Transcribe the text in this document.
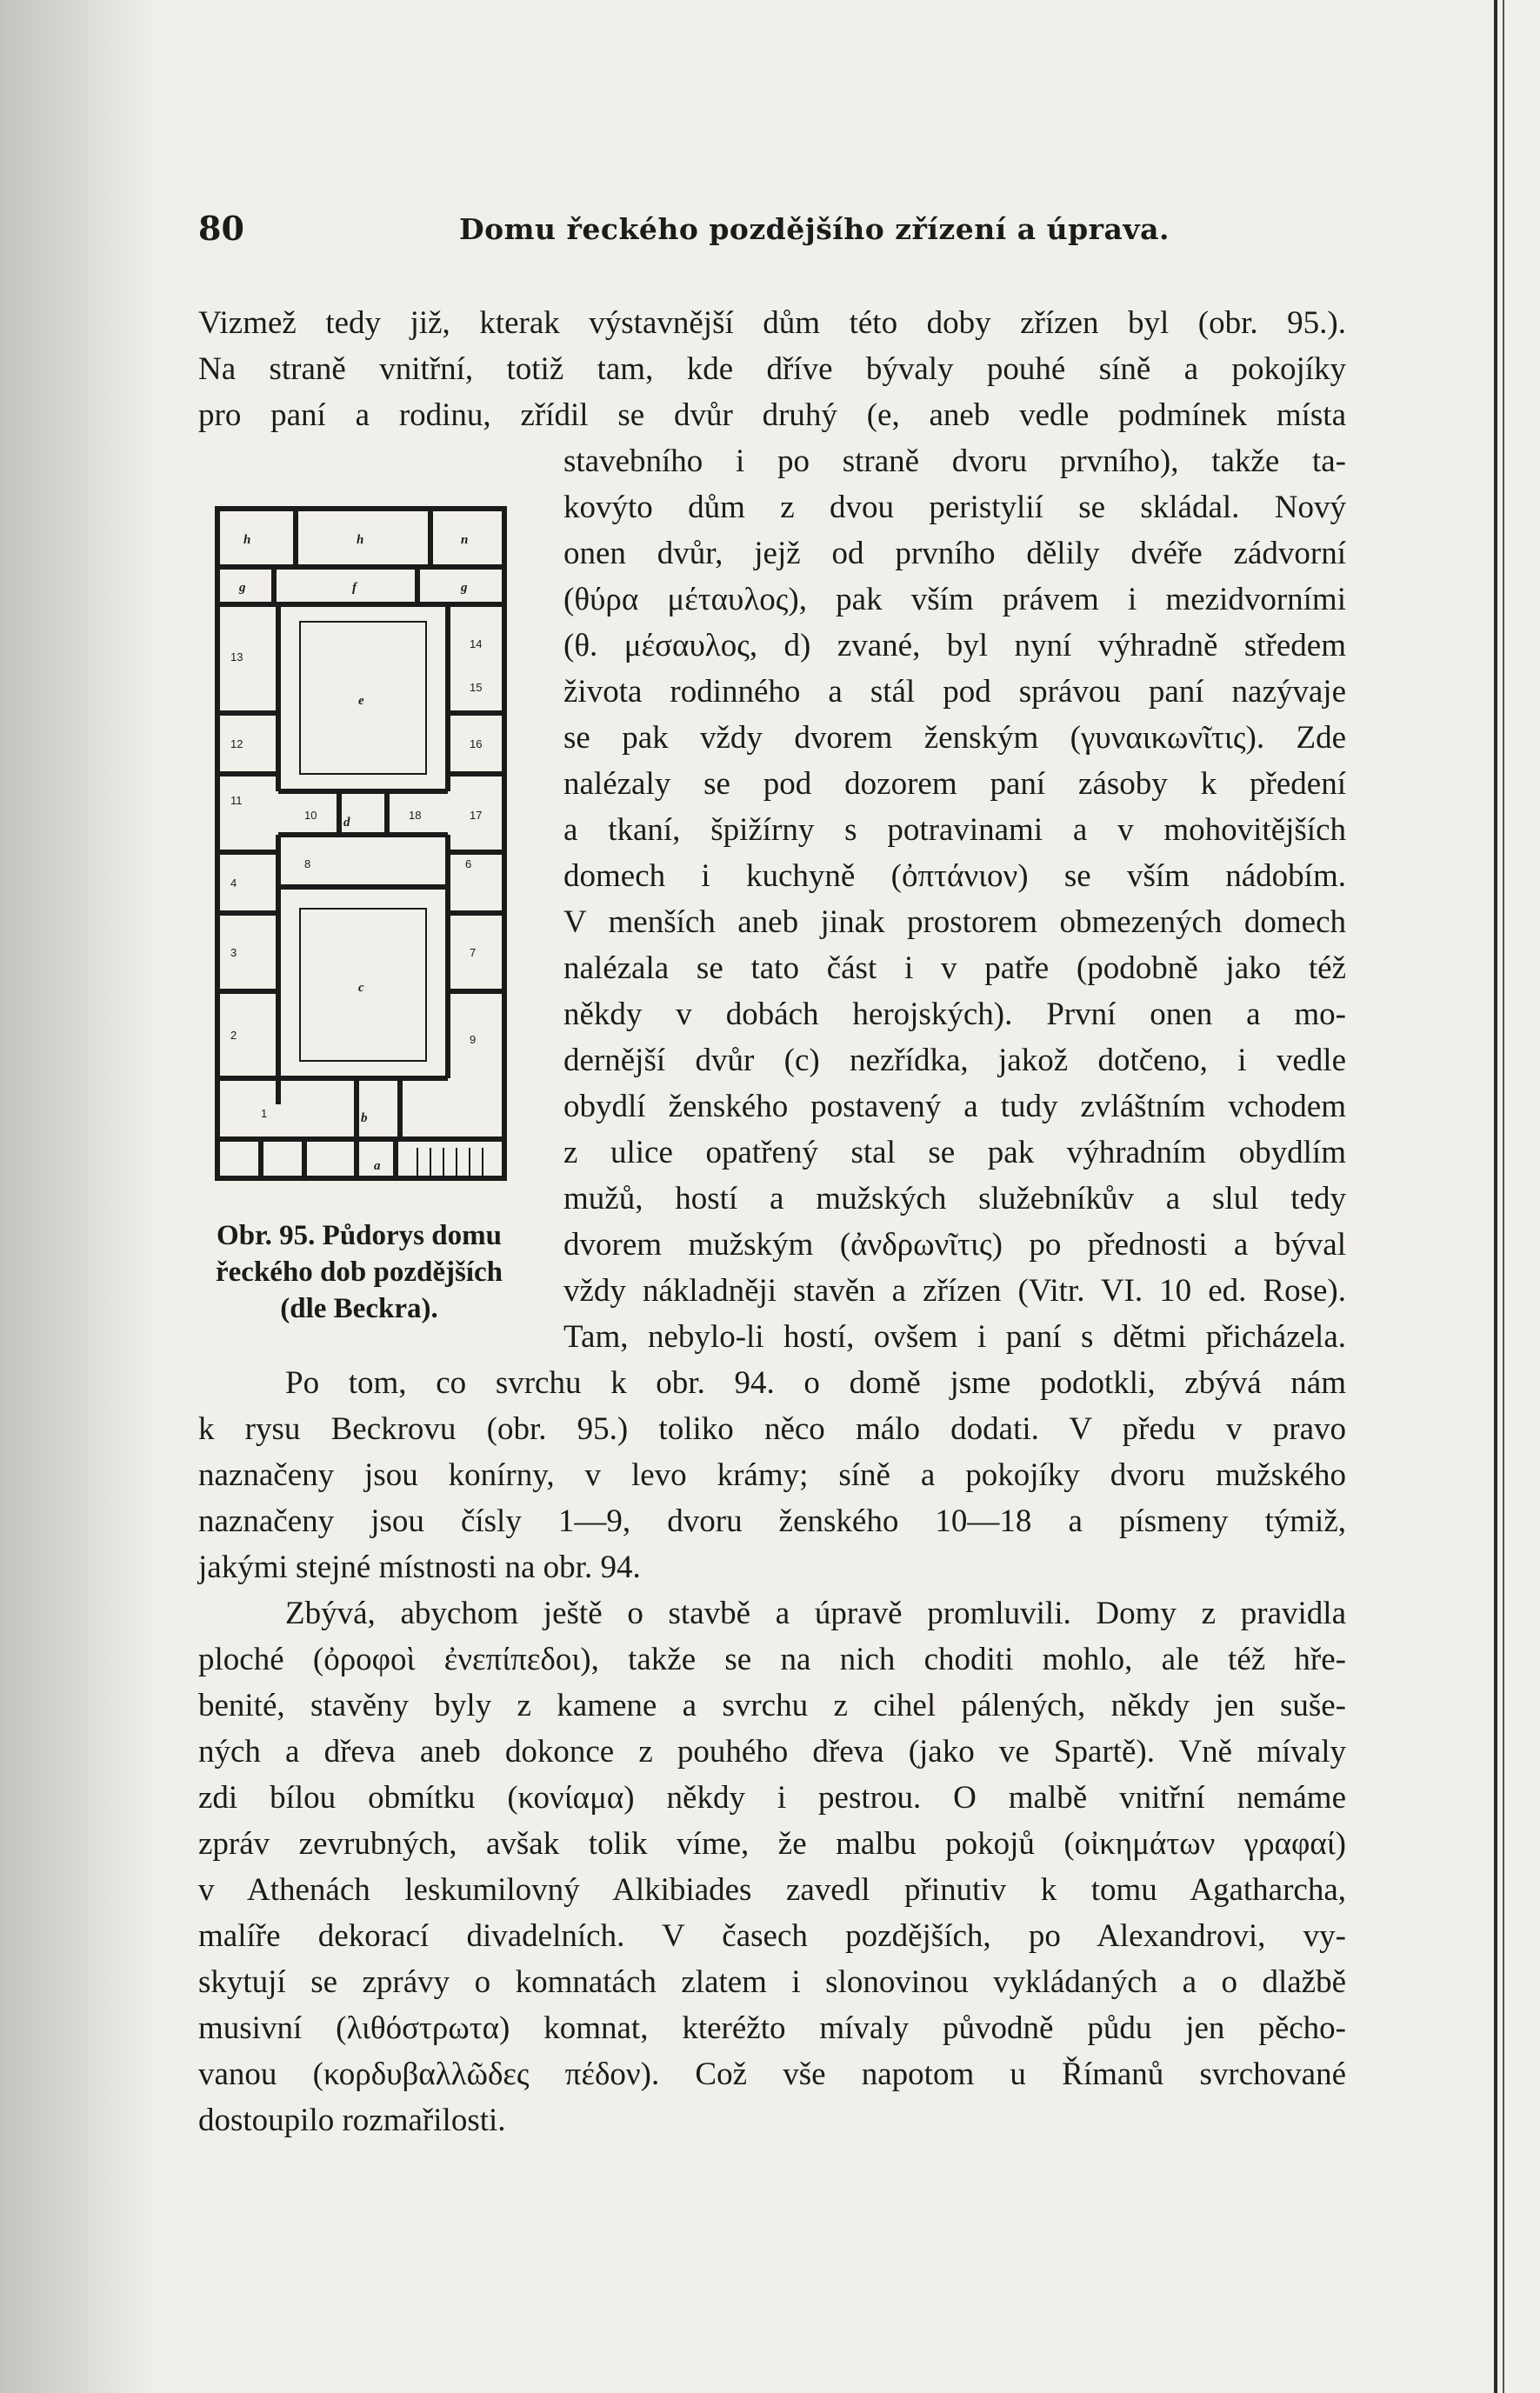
80	Domu řeckého pozdějšího zřízení a úprava.
Vizmež tedy již, kterak výstavnější dům této doby zřízen byl (obr. 95.).
Na straně vnitřní, totiž tam, kde dříve bývaly pouhé síně a pokojíky
pro paní a rodinu, zřídil se dvůr druhý (e, aneb vedle podmínek místa
stavebního i po straně dvoru prvního), takže ta-
kovýto dům z dvou peristylií se skládal. Nový
onen dvůr, jejž od prvního dělily dvéře zádvorní
(θύρα μέταυλος), pak vším právem i mezidvorními
(θ. μέσαυλος, d) zvané, byl nyní výhradně středem
života rodinného a stál pod správou paní nazývaje
se pak vždy dvorem ženským (γυναικωνῖτις). Zde
nalézaly se pod dozorem paní zásoby k předení
a tkaní, špižírny s potravinami a v mohovitějších
domech i kuchyně (ὀπτάνιον) se vším nádobím.
V menších aneb jinak prostorem obmezených domech
nalézala se tato část i v patře (podobně jako též
někdy v dobách herojských). První onen a mo-
dernější dvůr (c) nezřídka, jakož dotčeno, i vedle
obydlí ženského postavený a tudy zvláštním vchodem
z ulice opatřený stal se pak výhradním obydlím
mužů, hostí a mužských služebníkův a slul tedy
dvorem mužským (ἀνδρωνῖτις) po přednosti a býval
vždy nákladněji stavěn a zřízen (Vitr. VI. 10 ed. Rose).
Tam, nebylo-li hostí, ovšem i paní s dětmi přicházela.
Po tom, co svrchu k obr. 94. o domě jsme podotkli, zbývá nám
k rysu Beckrovu (obr. 95.) toliko něco málo dodati. V předu v pravo
naznačeny jsou konírny, v levo krámy; síně a pokojíky dvoru mužského
naznačeny jsou čísly 1—9, dvoru ženského 10—18 a písmeny týmiž,
jakými stejné místnosti na obr. 94.
Zbývá, abychom ještě o stavbě a úpravě promluvili. Domy z pravidla
ploché (ὀροφοὶ ἐνεπίπεδοι), takže se na nich choditi mohlo, ale též hře-
benité, stavěny byly z kamene a svrchu z cihel pálených, někdy jen suše-
ných a dřeva aneb dokonce z pouhého dřeva (jako ve Spartě). Vně mívaly
zdi bílou obmítku (κονίαμα) někdy i pestrou. O malbě vnitřní nemáme
zpráv zevrubných, avšak tolik víme, že malbu pokojů (οἰκημάτων γραφαί)
v Athenách leskumilovný Alkibiades zavedl přinutiv k tomu Agatharcha,
malíře dekorací divadelních. V časech pozdějších, po Alexandrovi, vy-
skytují se zprávy o komnatách zlatem i slonovinou vykládaných a o dlažbě
musivní (λιθόστρωτα) komnat, kteréžto mívaly původně půdu jen pěcho-
vanou (κορδυβαλλῶδες πέδον). Což vše napotom u Římanů svrchované
dostoupilo rozmařilosti.
h	h	n
g	f	g
e
d
c
b
a
13
12
11
10	18	17
4
8	6
3	7
2
1
9
14
15
16
Obr. 95. Půdorys domu
řeckého dob pozdějších
(dle Beckra).
